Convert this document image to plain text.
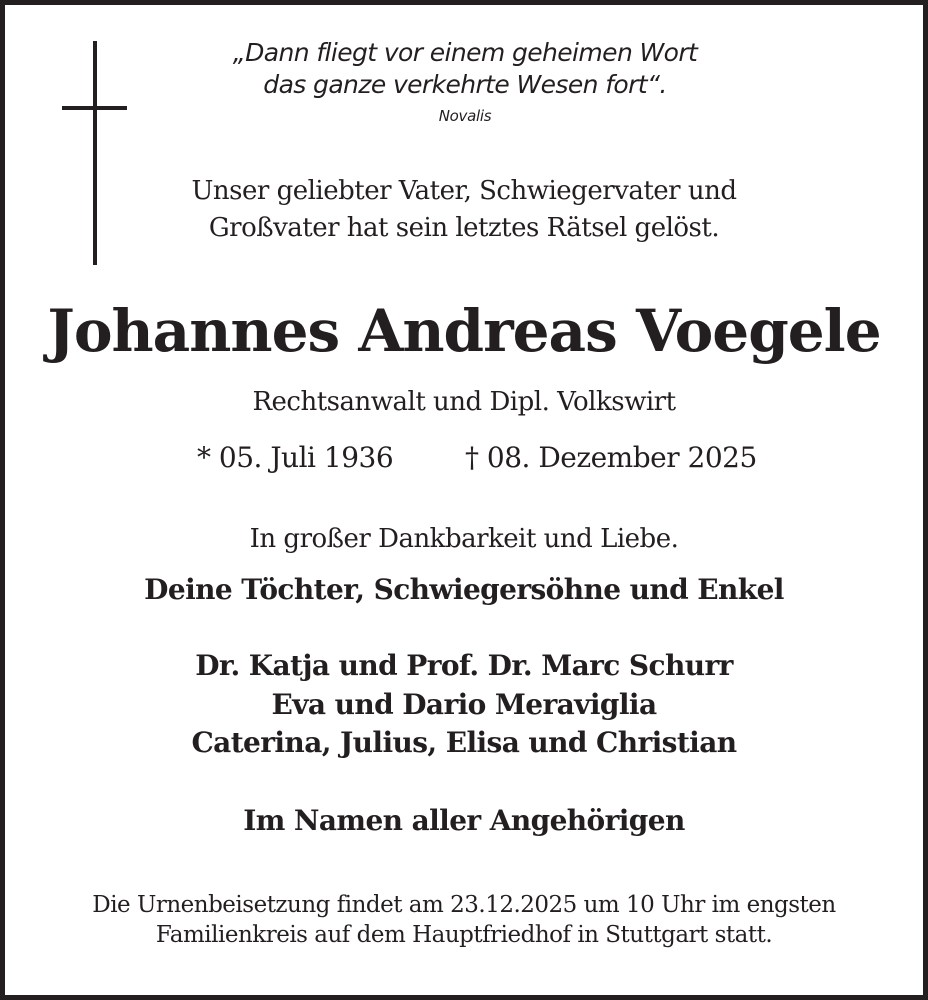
„Dann fliegt vor einem geheimen Wort
das ganze verkehrte Wesen fort“.
Novalis
Unser geliebter Vater, Schwiegervater und
Großvater hat sein letztes Rätsel gelöst.
Johannes Andreas Voegele
Rechtsanwalt und Dipl. Volkswirt
* 05. Juli 1936	† 08. Dezember 2025
In großer Dankbarkeit und Liebe.
Deine Töchter, Schwiegersöhne und Enkel
Dr. Katja und Prof. Dr. Marc Schurr
Eva und Dario Meraviglia
Caterina, Julius, Elisa und Christian
Im Namen aller Angehörigen
Die Urnenbeisetzung findet am 23.12.2025 um 10 Uhr im engsten
Familienkreis auf dem Hauptfriedhof in Stuttgart statt.
